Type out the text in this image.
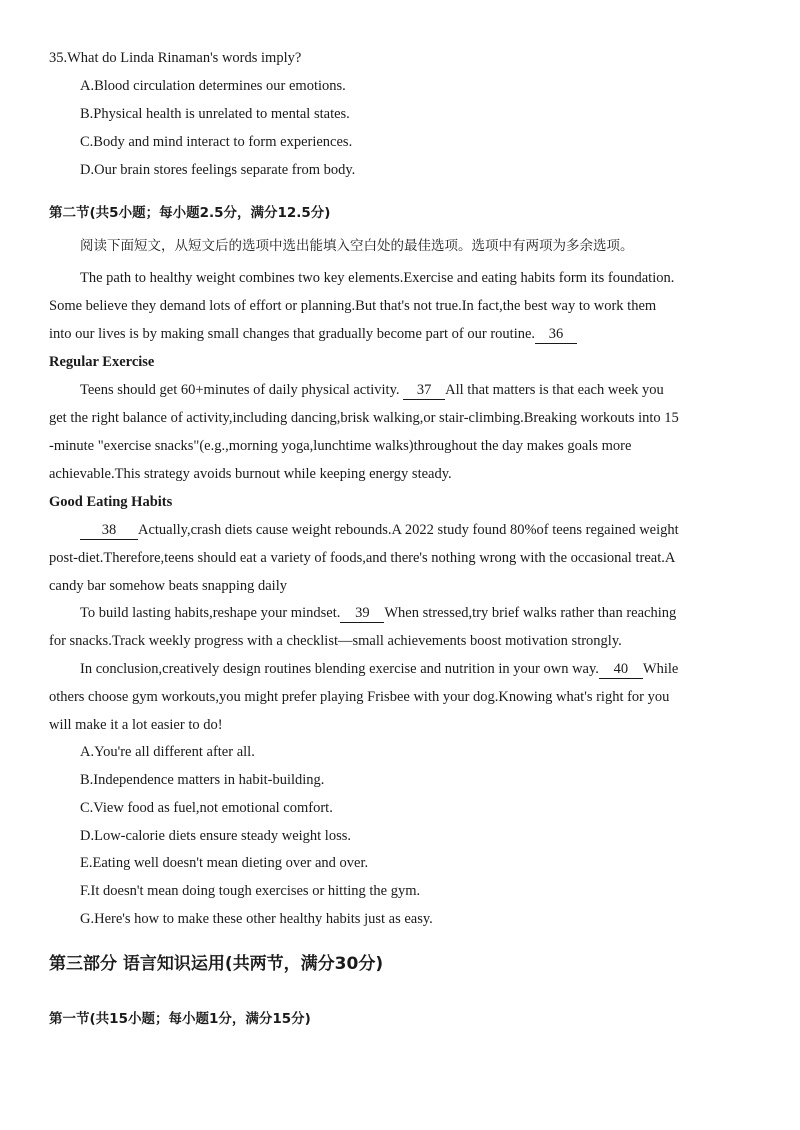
35.What do Linda Rinaman's words imply?
A.Blood circulation determines our emotions.
B.Physical health is unrelated to mental states.
C.Body and mind interact to form experiences.
D.Our brain stores feelings separate from body.
第二节(共5小题；每小题2.5分，满分12.5分)
阅读下面短文，从短文后的选项中选出能填入空白处的最佳选项。选项中有两项为多余选项。
The path to healthy weight combines two key elements.Exercise and eating habits form its foundation.
Some believe they demand lots of effort or planning.But that's not true.In fact,the best way to work them
into our lives is by making small changes that gradually become part of our routine. 36
Regular Exercise
Teens should get 60+minutes of daily physical activity. 37 All that matters is that each week you
get the right balance of activity,including dancing,brisk walking,or stair-climbing.Breaking workouts into 15
-minute "exercise snacks"(e.g.,morning yoga,lunchtime walks)throughout the day makes goals more
achievable.This strategy avoids burnout while keeping energy steady.
Good Eating Habits
38 Actually,crash diets cause weight rebounds.A 2022 study found 80%of teens regained weight
post-diet.Therefore,teens should eat a variety of foods,and there's nothing wrong with the occasional treat.A
candy bar somehow beats snapping daily
To build lasting habits,reshape your mindset. 39 When stressed,try brief walks rather than reaching
for snacks.Track weekly progress with a checklist—small achievements boost motivation strongly.
In conclusion,creatively design routines blending exercise and nutrition in your own way. 40 While
others choose gym workouts,you might prefer playing Frisbee with your dog.Knowing what's right for you
will make it a lot easier to do!
A.You're all different after all.
B.Independence matters in habit-building.
C.View food as fuel,not emotional comfort.
D.Low-calorie diets ensure steady weight loss.
E.Eating well doesn't mean dieting over and over.
F.It doesn't mean doing tough exercises or hitting the gym.
G.Here's how to make these other healthy habits just as easy.
第三部分 语言知识运用(共两节，满分30分)
第一节(共15小题；每小题1分，满分15分)
